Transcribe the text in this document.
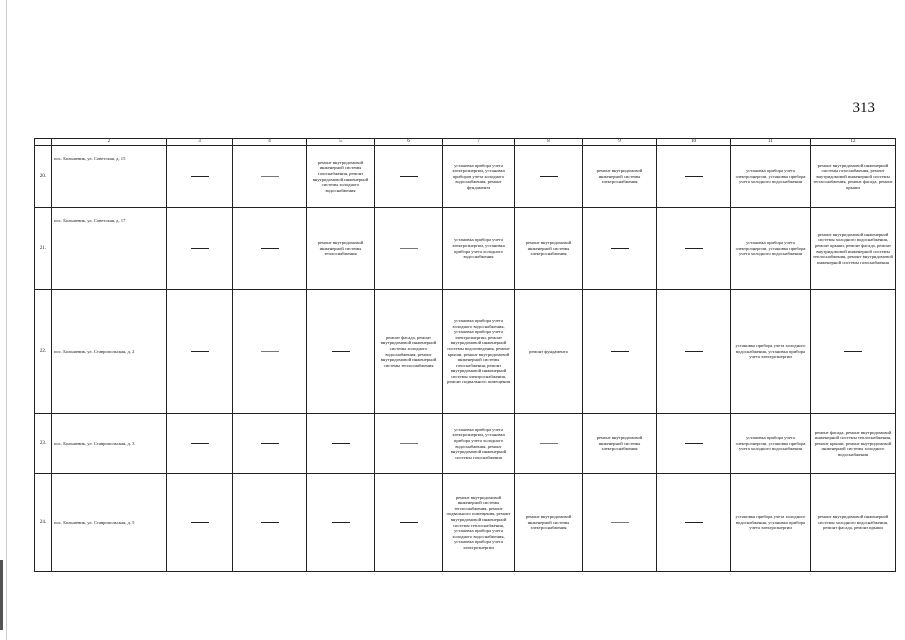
313
	2	3	4	5	6	7	8	9	10	11	12
20.	пос. Большевик, ул. Советская, д. 15			ремонт внутридомовой инженерной системы газоснабжения, ремонт внутридомовой инженерной системы холодного водоснабжения		установка прибора учета электроэнергии, установка приборов учета холодного водоснабжения, ремонт фундамента		ремонт внутридомовой инженерной системы электроснабжения		установка прибора учета электроэнергии, установка прибора учета холодного водоснабжения	ремонт внутридомовой инженерной системы газоснабжения, ремонт внутридомовой инженерной системы теплоснабжения, ремонт фасада, ремонт крыши
21.	пос. Большевик, ул. Советская, д. 17			ремонт внутридомовой инженерной системы теплоснабжения		установка прибора учета электроэнергии, установка прибора учета холодного водоснабжения	ремонт внутридомовой инженерной системы электроснабжения			установка прибора учета электроэнергии, установка прибора учета холодного водоснабжения	ремонт внутридомовой инженерной системы холодного водоснабжения, ремонт крыши, ремонт фасада, ремонт внутридомовой инженерной системы теплоснабжения, ремонт внутридомовой инженерной системы газоснабжения
22.	пос. Большевик, ул. Ставропольская, д. 2				ремонт фасада, ремонт внутридомовой инженерной системы холодного водоснабжения, ремонт внутридомовой инженерной системы теплоснабжения	установка прибора учета холодного водоснабжения, установка прибора учета электроэнергии, ремонт внутридомовой инженерной системы водоотведения, ремонт крыши, ремонт внутридомовой инженерной системы газоснабжения, ремонт внутридомовой инженерной системы электроснабжения, ремонт подвального помещения	ремонт фундамента			установка прибора учета холодного водоснабжения, установка прибора учета электроэнергии	
23.	пос. Большевик, ул. Ставропольская, д. 3					установка прибора учета электроэнергии, установка прибора учета холодного водоснабжения, ремонт внутридомовой инженерной системы газоснабжения		ремонт внутридомовой инженерной системы электроснабжения		установка прибора учета электроэнергии, установка прибора учета холодного водоснабжения	ремонт фасада, ремонт внутридомовой инженерной системы теплоснабжения, ремонт крыши, ремонт внутридомовой инженерной системы холодного водоснабжения
24.	пос. Большевик, ул. Ставропольская, д. 5					ремонт внутридомовой инженерной системы теплоснабжения, ремонт подвального помещения, ремонт внутридомовой инженерной системы теплоснабжения, установка прибора учета холодного водоснабжения, установка прибора учета электроэнергии	ремонт внутридомовой инженерной системы электроснабжения			установка прибора учета холодного водоснабжения, установка прибора учета электроэнергии	ремонт внутридомовой инженерной системы холодного водоснабжения, ремонт фасада, ремонт крыши
